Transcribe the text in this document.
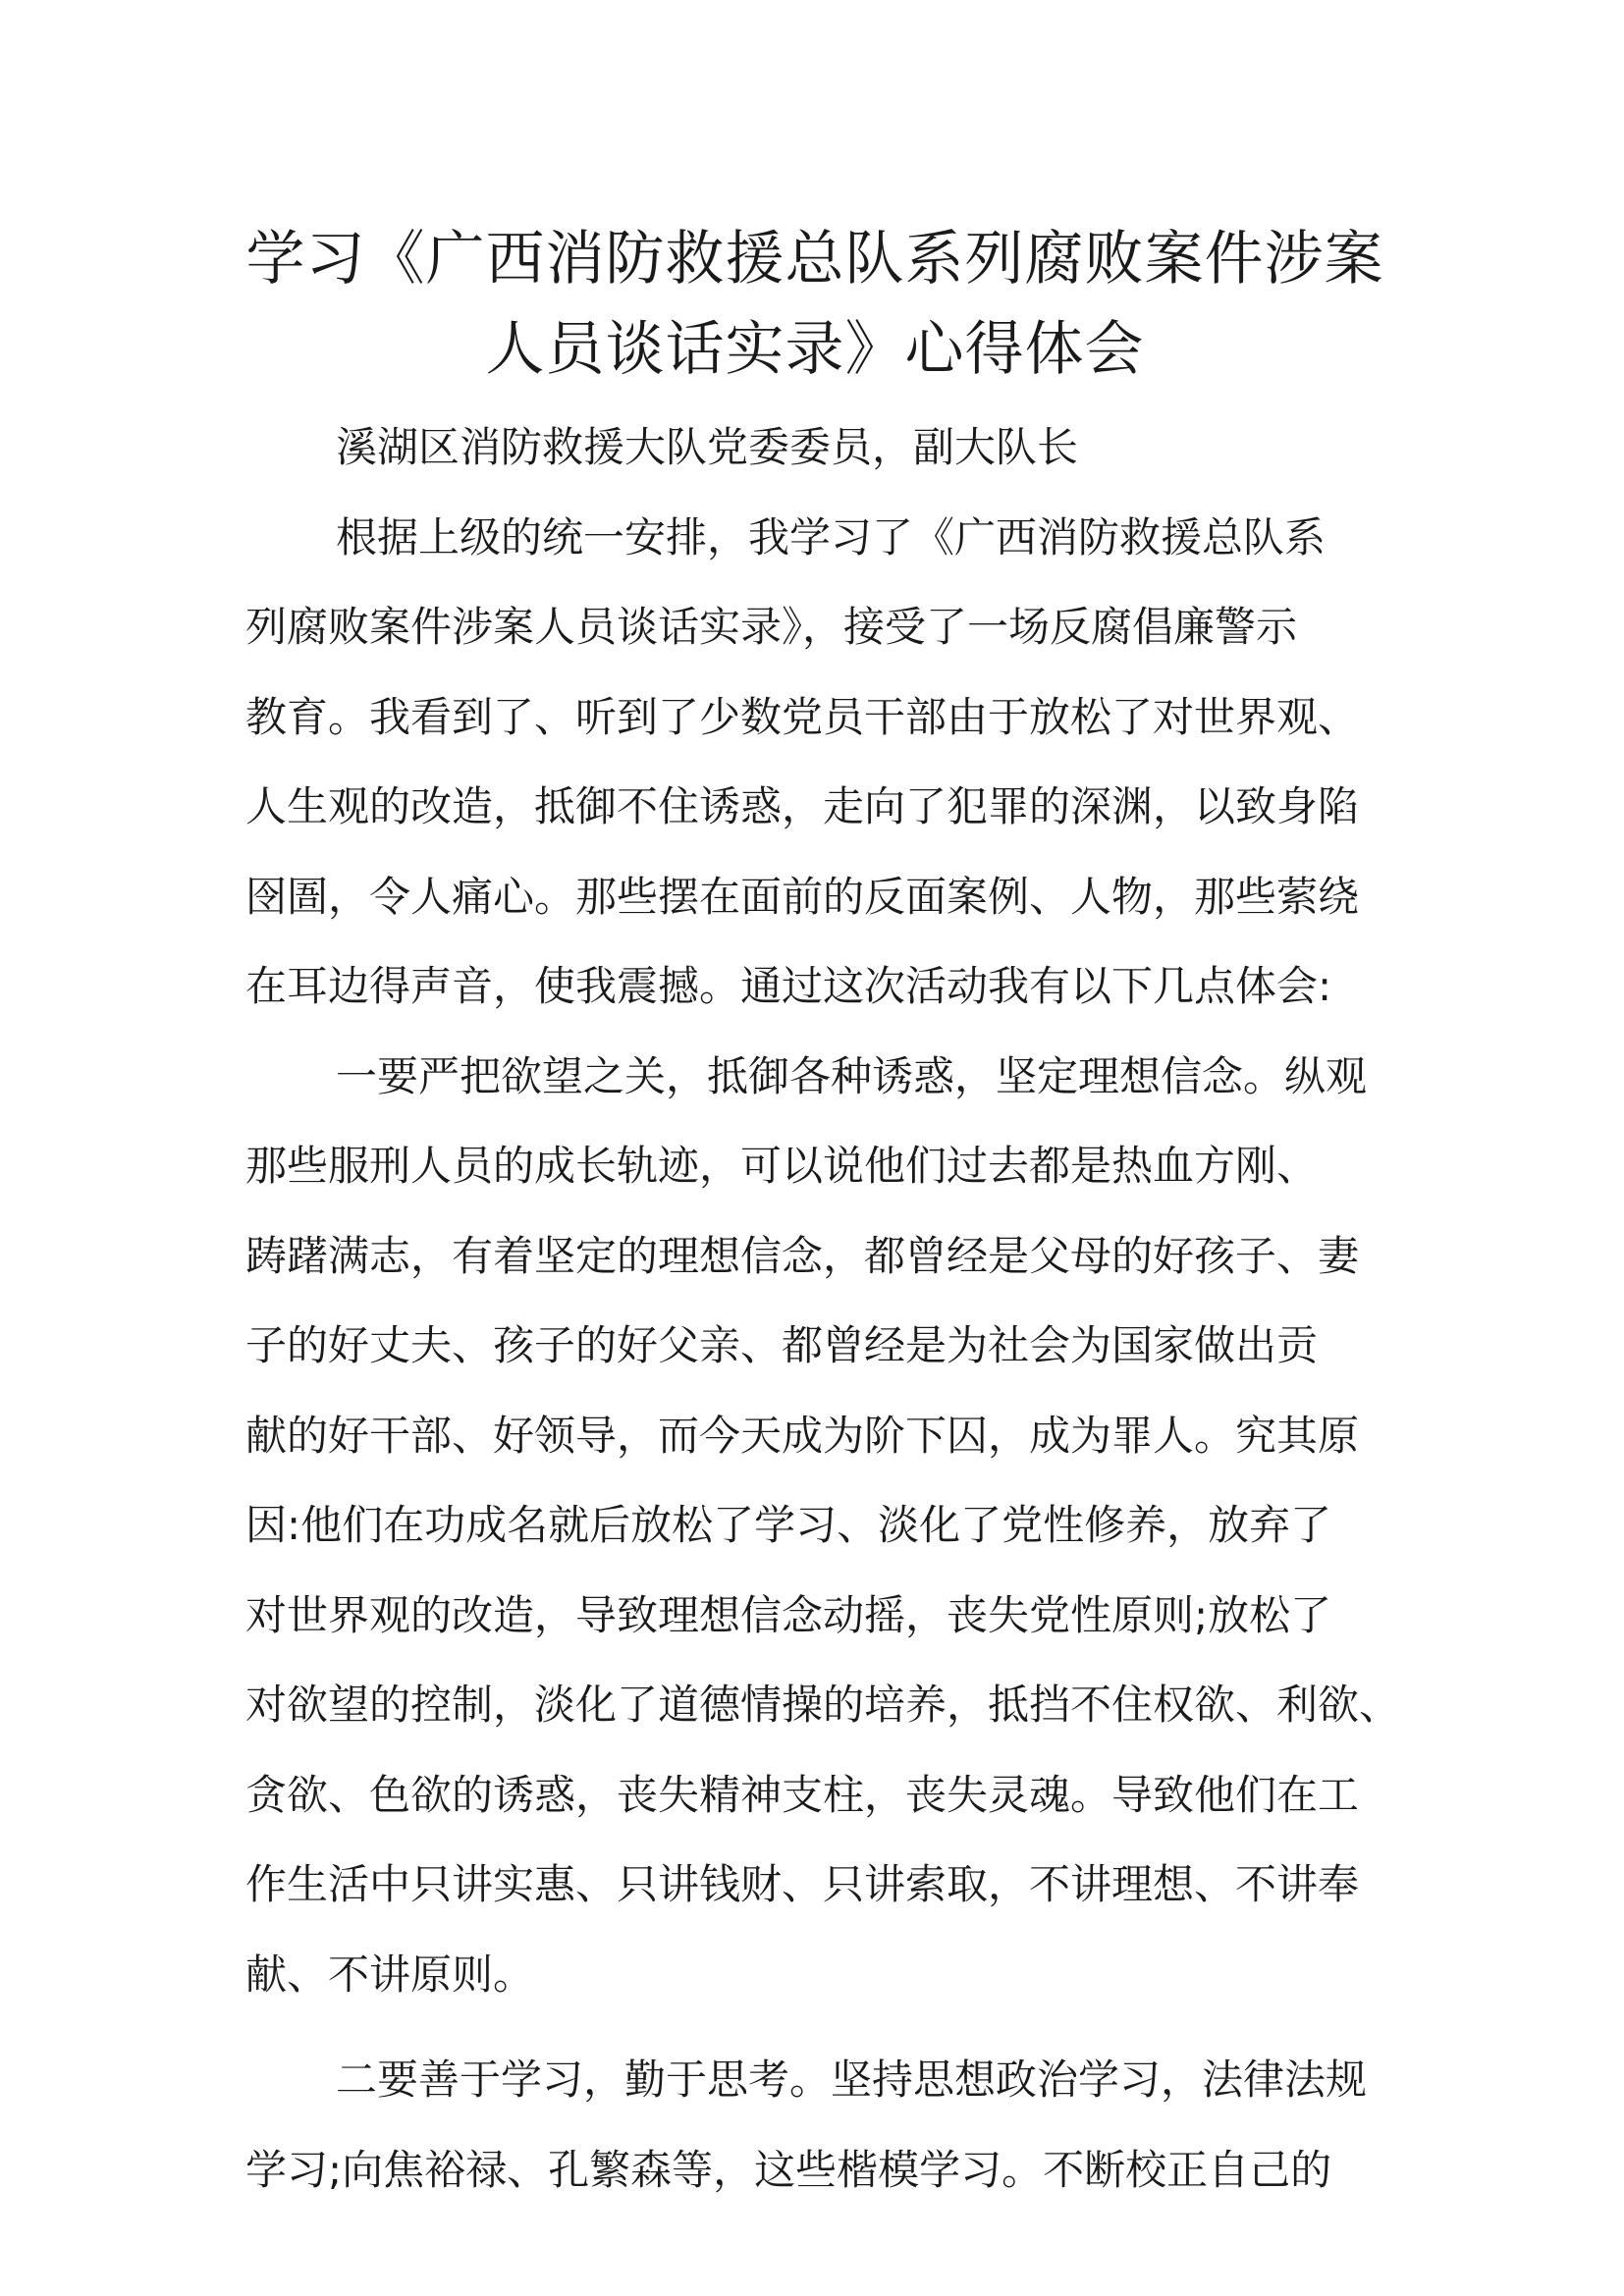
学习《广西消防救援总队系列腐败案件涉案
人员谈话实录》心得体会
溪湖区消防救援大队党委委员，副大队长
根据上级的统一安排，我学习了《广西消防救援总队系
列腐败案件涉案人员谈话实录》，接受了一场反腐倡廉警示
教育。我看到了、听到了少数党员干部由于放松了对世界观、
人生观的改造，抵御不住诱惑，走向了犯罪的深渊，以致身陷
囹圄，令人痛心。那些摆在面前的反面案例、人物，那些萦绕
在耳边得声音，使我震撼。通过这次活动我有以下几点体会:
一要严把欲望之关，抵御各种诱惑，坚定理想信念。纵观
那些服刑人员的成长轨迹，可以说他们过去都是热血方刚、
踌躇满志，有着坚定的理想信念，都曾经是父母的好孩子、妻
子的好丈夫、孩子的好父亲、都曾经是为社会为国家做出贡
献的好干部、好领导，而今天成为阶下囚，成为罪人。究其原
因:他们在功成名就后放松了学习、淡化了党性修养，放弃了
对世界观的改造，导致理想信念动摇，丧失党性原则;放松了
对欲望的控制，淡化了道德情操的培养，抵挡不住权欲、利欲、
贪欲、色欲的诱惑，丧失精神支柱，丧失灵魂。导致他们在工
作生活中只讲实惠、只讲钱财、只讲索取，不讲理想、不讲奉
献、不讲原则。
二要善于学习，勤于思考。坚持思想政治学习，法律法规
学习;向焦裕禄、孔繁森等，这些楷模学习。不断校正自己的
